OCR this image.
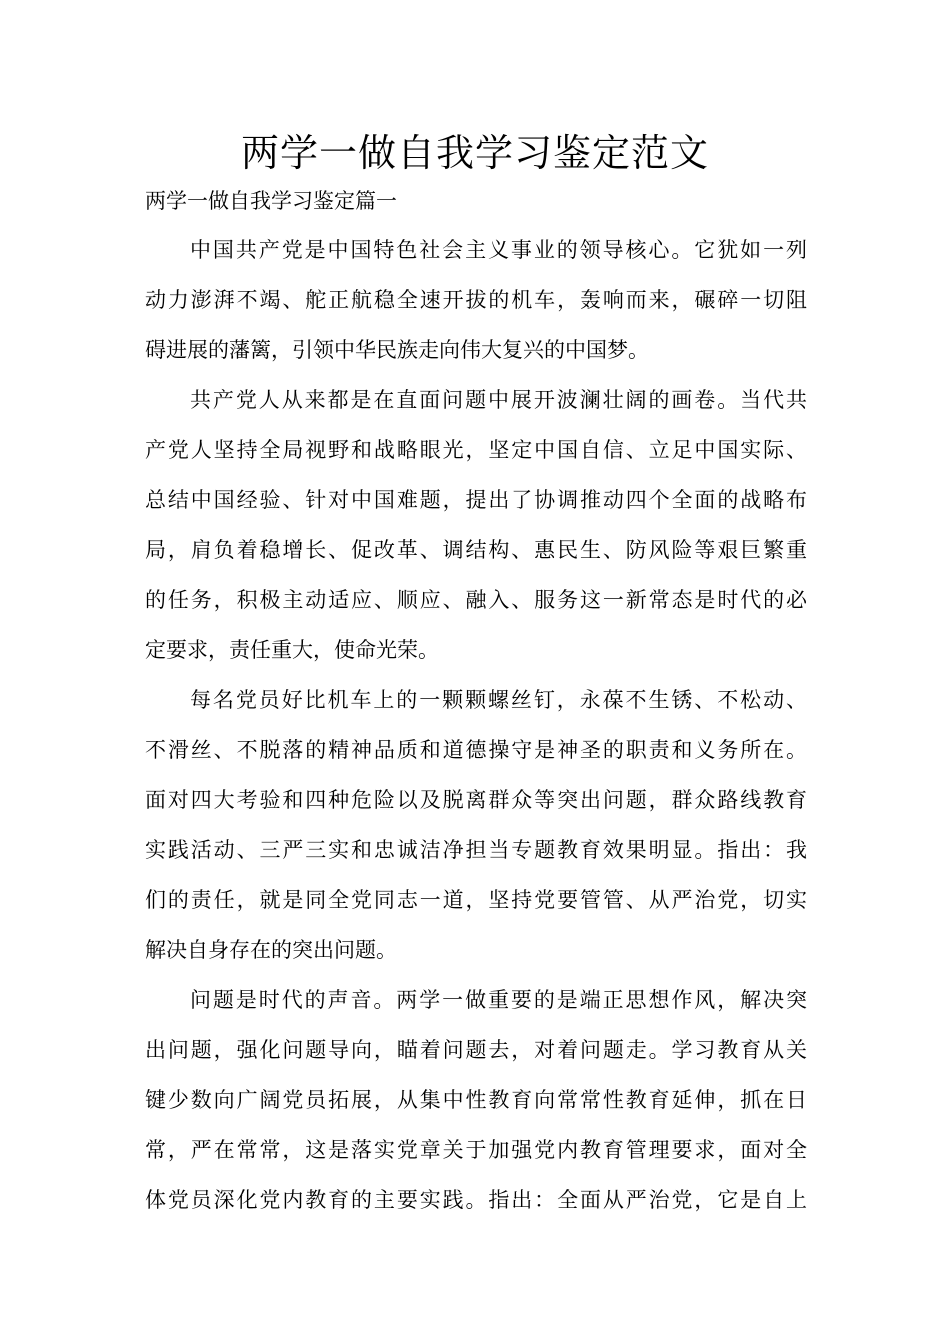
两学一做自我学习鉴定范文
两学一做自我学习鉴定篇一
中国共产党是中国特色社会主义事业的领导核心。它犹如一列
动力澎湃不竭、舵正航稳全速开拔的机车，轰响而来，碾碎一切阻
碍进展的藩篱，引领中华民族走向伟大复兴的中国梦。
共产党人从来都是在直面问题中展开波澜壮阔的画卷。当代共
产党人坚持全局视野和战略眼光，坚定中国自信、立足中国实际、
总结中国经验、针对中国难题，提出了协调推动四个全面的战略布
局，肩负着稳增长、促改革、调结构、惠民生、防风险等艰巨繁重
的任务，积极主动适应、顺应、融入、服务这一新常态是时代的必
定要求，责任重大，使命光荣。
每名党员好比机车上的一颗颗螺丝钉，永葆不生锈、不松动、
不滑丝、不脱落的精神品质和道德操守是神圣的职责和义务所在。
面对四大考验和四种危险以及脱离群众等突出问题，群众路线教育
实践活动、三严三实和忠诚洁净担当专题教育效果明显。指出：我
们的责任，就是同全党同志一道，坚持党要管管、从严治党，切实
解决自身存在的突出问题。
问题是时代的声音。两学一做重要的是端正思想作风，解决突
出问题，强化问题导向，瞄着问题去，对着问题走。学习教育从关
键少数向广阔党员拓展，从集中性教育向常常性教育延伸，抓在日
常，严在常常，这是落实党章关于加强党内教育管理要求，面对全
体党员深化党内教育的主要实践。指出：全面从严治党，它是自上
